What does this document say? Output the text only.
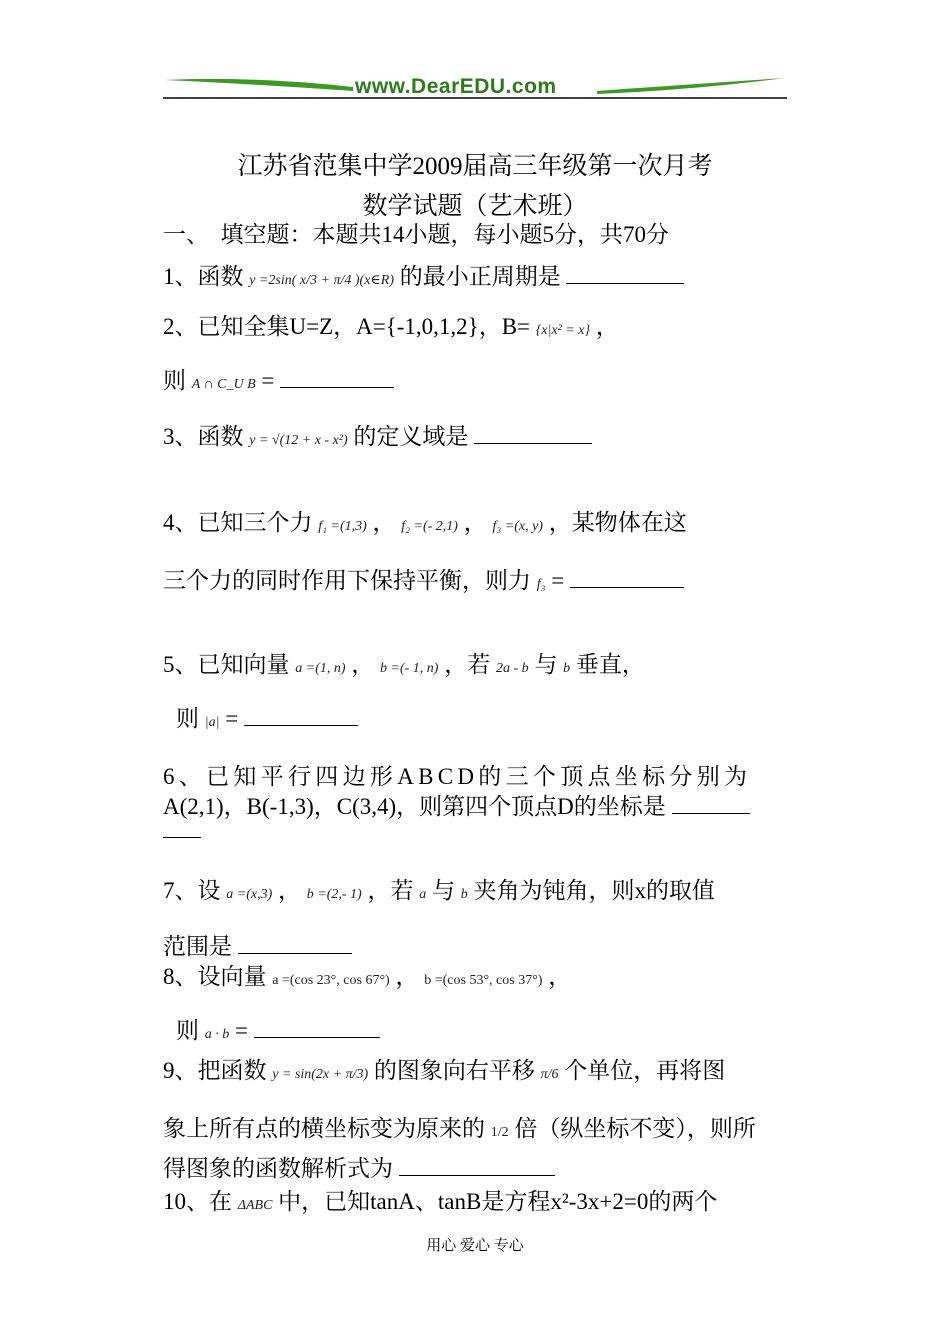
www.DearEDU.com
江苏省范集中学2009届高三年级第一次月考
数学试题（艺术班）
一、  填空题：本题共14小题，每小题5分，共70分
1、函数 y =2sin( x/3 + π/4 )(x∈R) 的最小正周期是
2、已知全集U=Z，A={-1,0,1,2}，B= {x|x² = x} ，
则 A ∩ C_U B =
3、函数 y = √(12 + x - x²) 的定义域是
4、已知三个力 f₁ =(1,3) ， f₂ =(- 2,1) ， f₃ =(x, y) ，某物体在这
三个力的同时作用下保持平衡，则力 f₃ =
5、已知向量 a =(1, n) ， b =(- 1, n) ，若 2a - b 与 b 垂直，
则 |a| =
6、已知平行四边形ABCD的三个顶点坐标分别为
A(2,1)，B(-1,3)，C(3,4)，则第四个顶点D的坐标是
7、设 a =(x,3) ， b =(2,- 1) ，若 a 与 b 夹角为钝角，则x的取值
范围是
8、设向量 a =(cos 23°, cos 67°) ， b =(cos 53°, cos 37°) ，
则 a · b =
9、把函数 y = sin(2x + π/3) 的图象向右平移 π/6 个单位，再将图
象上所有点的横坐标变为原来的 1/2 倍（纵坐标不变），则所
得图象的函数解析式为
10、在 ΔABC 中，已知tanA、tanB是方程x²-3x+2=0的两个
用心 爱心 专心
